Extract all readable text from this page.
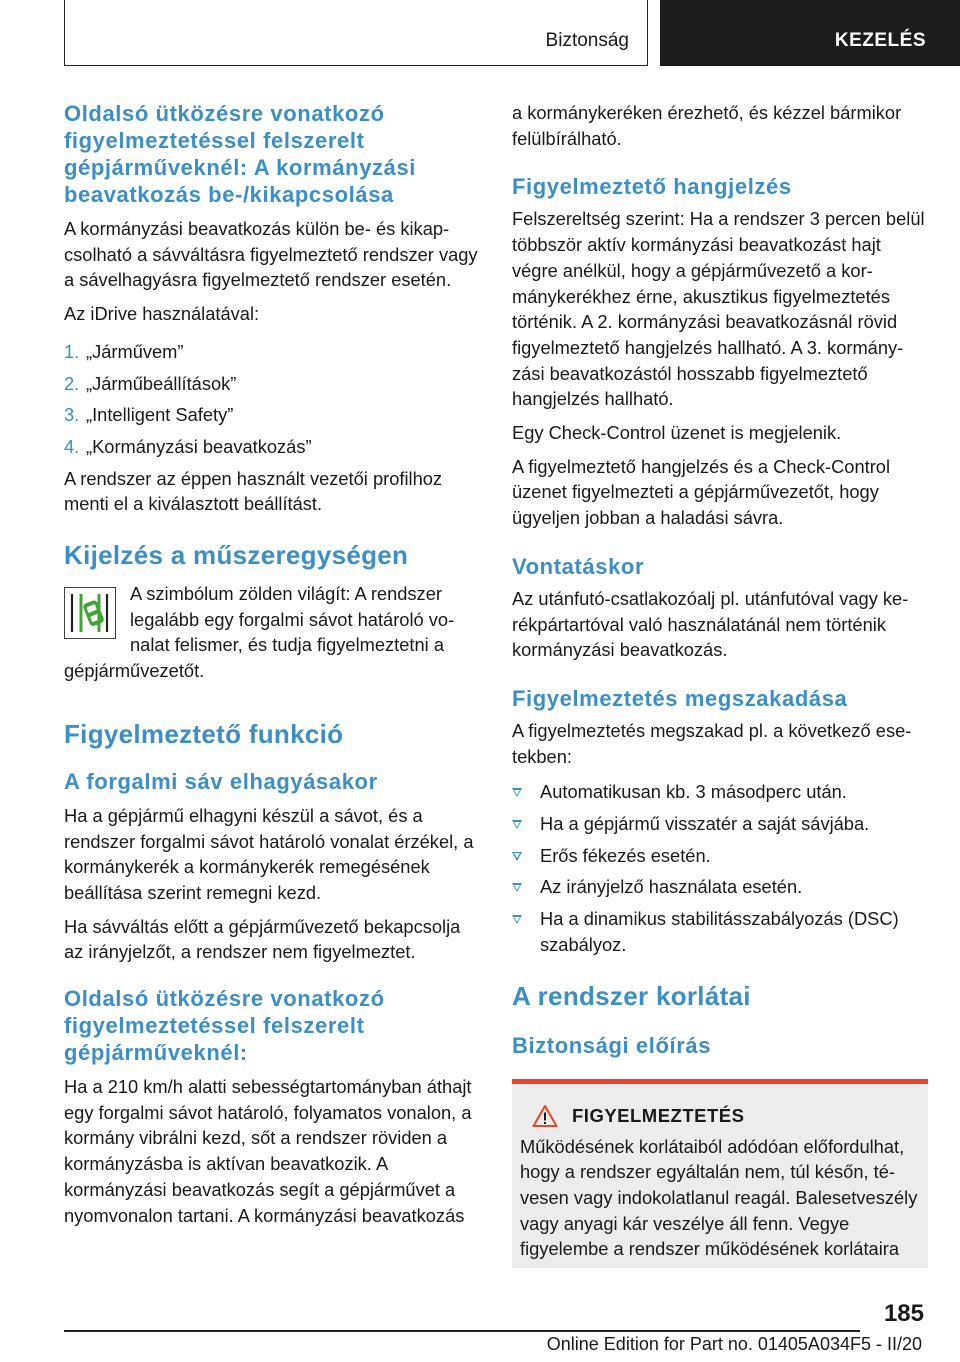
Biztonság	KEZELÉS
Oldalsó ütközésre vonatkozó figyelmeztetéssel felszerelt gépjárműveknél: A kormányzási beavatkozás be-/kikapcsolása

A kormányzási beavatkozás külön be- és kikapcsolható a sávváltásra figyelmeztető rendszer vagy a sávelhagyásra figyelmeztető rendszer esetén.

Az iDrive használatával:

1. „Járművem”
2. „Járműbeállítások”
3. „Intelligent Safety”
4. „Kormányzási beavatkozás”

A rendszer az éppen használt vezetői profilhoz menti el a kiválasztott beállítást.

Kijelzés a műszeregységen

A szimbólum zölden világít: A rendszer legalább egy forgalmi sávot határoló vonalat felismer, és tudja figyelmeztetni a gépjárművezetőt.

Figyelmeztető funkció
A forgalmi sáv elhagyásakor

Ha a gépjármű elhagyni készül a sávot, és a rendszer forgalmi sávot határoló vonalat érzékel, a kormánykerék a kormánykerék remegésének beállítása szerint remegni kezd.

Ha sávváltás előtt a gépjárművezető bekapcsolja az irányjelzőt, a rendszer nem figyelmeztet.

Oldalsó ütközésre vonatkozó figyelmeztetéssel felszerelt gépjárműveknél:

Ha a 210 km/h alatti sebességtartományban áthajt egy forgalmi sávot határoló, folyamatos vonalon, a kormány vibrálni kezd, sőt a rendszer röviden a kormányzásba is aktívan beavatkozik. A kormányzási beavatkozás segít a gépjárművet a nyomvonalon tartani. A kormányzási beavatkozás

a kormánykeréken érezhető, és kézzel bármikor felülbírálható.

Figyelmeztető hangjelzés

Felszereltség szerint: Ha a rendszer 3 percen belül többször aktív kormányzási beavatkozást hajt végre anélkül, hogy a gépjárművezető a kormánykerékhez érne, akusztikus figyelmeztetés történik. A 2. kormányzási beavatkozásnál rövid figyelmeztető hangjelzés hallható. A 3. kormányzási beavatkozástól hosszabb figyelmeztető hangjelzés hallható.

Egy Check-Control üzenet is megjelenik.

A figyelmeztető hangjelzés és a Check-Control üzenet figyelmezteti a gépjárművezetőt, hogy ügyeljen jobban a haladási sávra.

Vontatáskor

Az utánfutó-csatlakozóalj pl. utánfutóval vagy kerékpártartóval való használatánál nem történik kormányzási beavatkozás.

Figyelmeztetés megszakadása

A figyelmeztetés megszakad pl. a következő esetekben:

Automatikusan kb. 3 másodperc után.
Ha a gépjármű visszatér a saját sávjába.
Erős fékezés esetén.
Az irányjelző használata esetén.
Ha a dinamikus stabilitásszabályozás (DSC) szabályoz.
A rendszer korlátai
Biztonsági előírás
FIGYELMEZTETÉS

Működésének korlátaiból adódóan előfordulhat, hogy a rendszer egyáltalán nem, túl későn, tévesen vagy indokolatlanul reagál. Balesetveszély vagy anyagi kár veszélye áll fenn. Vegye figyelembe a rendszer működésének korlátaira

185
Online Edition for Part no. 01405A034F5 - II/20
